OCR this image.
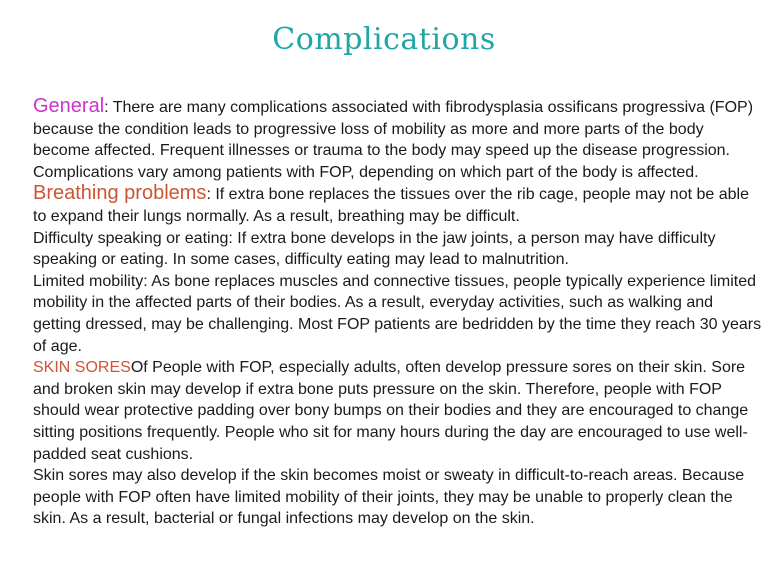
Complications

General: There are many complications associated with fibrodysplasia ossificans progressiva (FOP) because the condition leads to progressive loss of mobility as more and more parts of the body become affected. Frequent illnesses or trauma to the body may speed up the disease progression. Complications vary among patients with FOP, depending on which part of the body is affected.

Breathing problems: If extra bone replaces the tissues over the rib cage, people may not be able to expand their lungs normally. As a result, breathing may be difficult.

Difficulty speaking or eating: If extra bone develops in the jaw joints, a person may have difficulty speaking or eating. In some cases, difficulty eating may lead to malnutrition.

Limited mobility: As bone replaces muscles and connective tissues, people typically experience limited mobility in the affected parts of their bodies. As a result, everyday activities, such as walking and getting dressed, may be challenging. Most FOP patients are bedridden by the time they reach 30 years of age.

SKIN SORESOf People with FOP, especially adults, often develop pressure sores on their skin. Sore and broken skin may develop if extra bone puts pressure on the skin. Therefore, people with FOP should wear protective padding over bony bumps on their bodies and they are encouraged to change sitting positions frequently. People who sit for many hours during the day are encouraged to use well-padded seat cushions.

Skin sores may also develop if the skin becomes moist or sweaty in difficult-to-reach areas. Because people with FOP often have limited mobility of their joints, they may be unable to properly clean the skin. As a result, bacterial or fungal infections may develop on the skin.
